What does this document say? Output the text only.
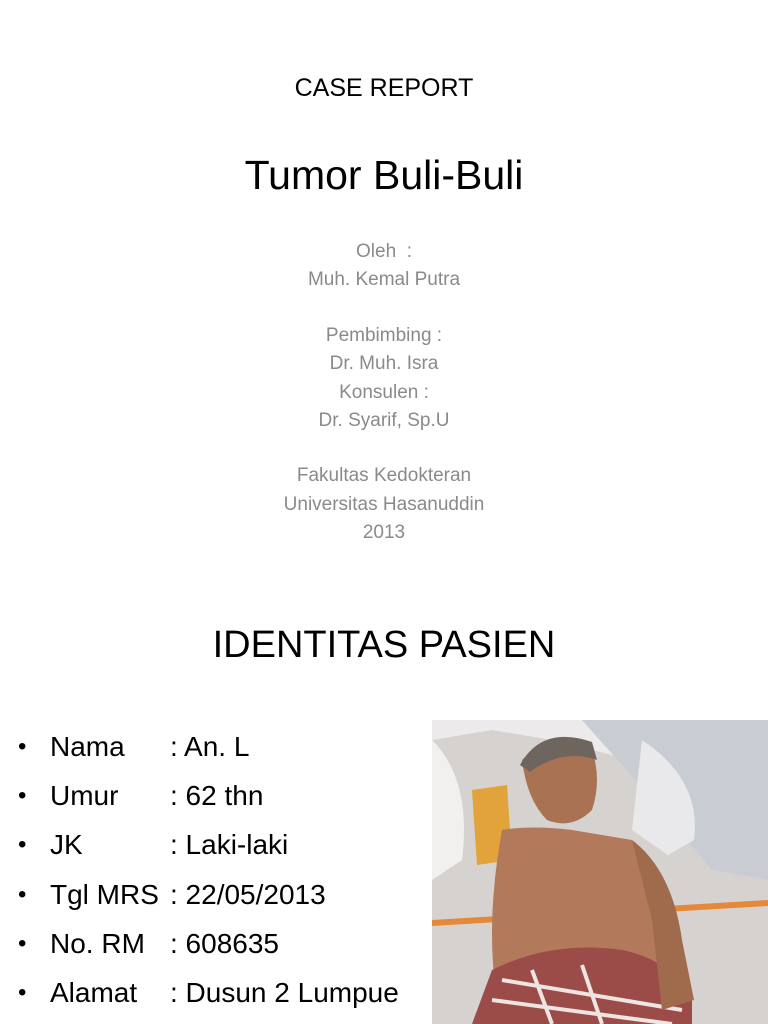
CASE REPORT
Tumor Buli-Buli
Oleh  :
Muh. Kemal Putra
Pembimbing :
Dr. Muh. Isra
Konsulen :
Dr. Syarif, Sp.U
Fakultas Kedokteran
Universitas Hasanuddin
2013
IDENTITAS PASIEN
• Nama	: An. L
• Umur	: 62 thn
• JK	: Laki-laki
• Tgl MRS : 22/05/2013
• No. RM : 608635
• Alamat	: Dusun 2 Lumpue
